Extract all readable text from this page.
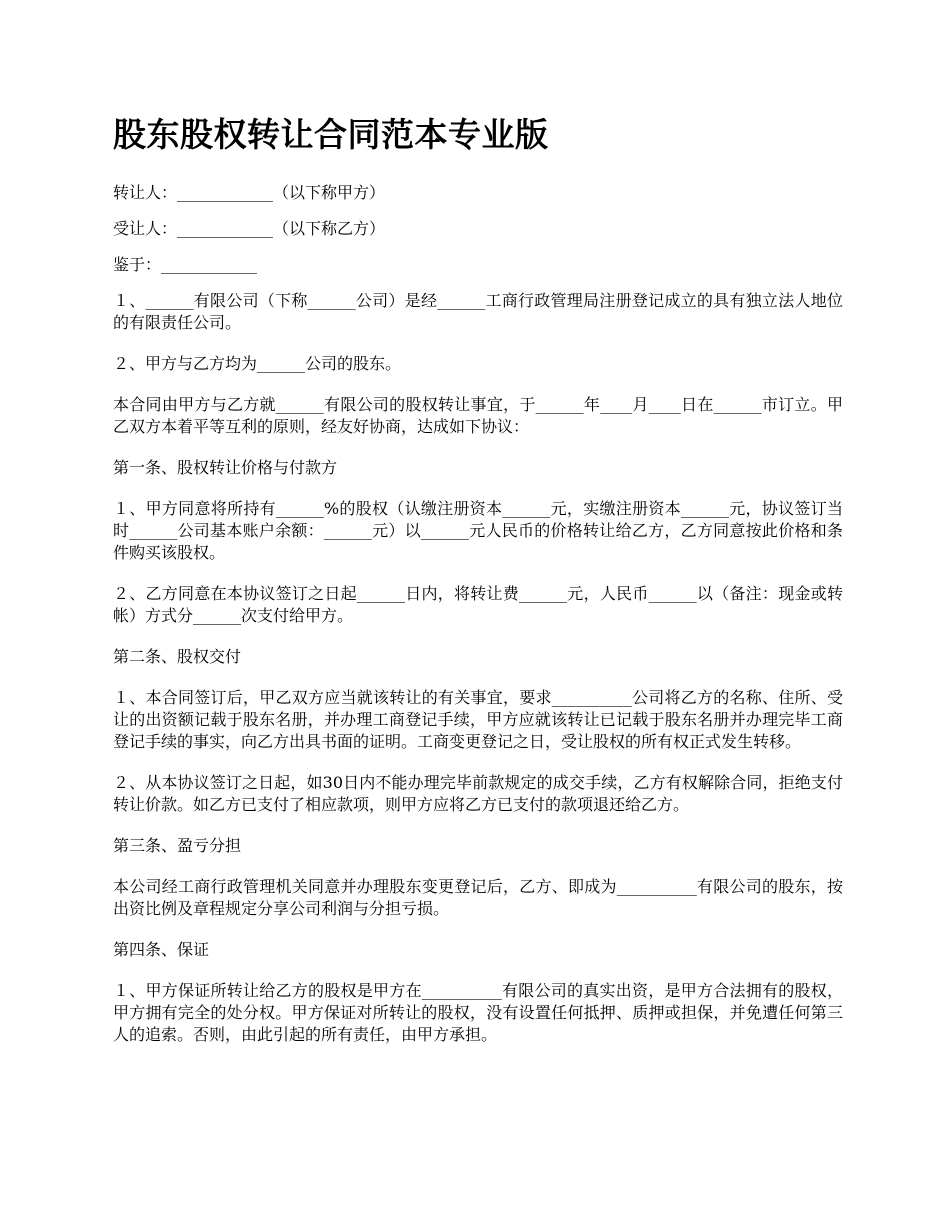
股东股权转让合同范本专业版

转让人：____________（以下称甲方）

受让人：____________（以下称乙方）

鉴于：____________

１、______有限公司（下称______公司）是经______工商行政管理局注册登记成立的具有独立法人地位的有限责任公司。

２、甲方与乙方均为______公司的股东。

本合同由甲方与乙方就______有限公司的股权转让事宜，于______年____月____日在______市订立。甲乙双方本着平等互利的原则，经友好协商，达成如下协议：

第一条、股权转让价格与付款方

１、甲方同意将所持有______%的股权（认缴注册资本______元，实缴注册资本______元，协议签订当时______公司基本账户余额：______元）以______元人民币的价格转让给乙方，乙方同意按此价格和条件购买该股权。

２、乙方同意在本协议签订之日起______日内，将转让费______元，人民币______以（备注：现金或转帐）方式分______次支付给甲方。

第二条、股权交付

１、本合同签订后，甲乙双方应当就该转让的有关事宜，要求__________公司将乙方的名称、住所、受让的出资额记载于股东名册，并办理工商登记手续，甲方应就该转让已记载于股东名册并办理完毕工商登记手续的事实，向乙方出具书面的证明。工商变更登记之日，受让股权的所有权正式发生转移。

２、从本协议签订之日起，如30日内不能办理完毕前款规定的成交手续，乙方有权解除合同，拒绝支付转让价款。如乙方已支付了相应款项，则甲方应将乙方已支付的款项退还给乙方。

第三条、盈亏分担

本公司经工商行政管理机关同意并办理股东变更登记后，乙方、即成为__________有限公司的股东，按出资比例及章程规定分享公司利润与分担亏损。

第四条、保证

１、甲方保证所转让给乙方的股权是甲方在__________有限公司的真实出资，是甲方合法拥有的股权，甲方拥有完全的处分权。甲方保证对所转让的股权，没有设置任何抵押、质押或担保，并免遭任何第三人的追索。否则，由此引起的所有责任，由甲方承担。
